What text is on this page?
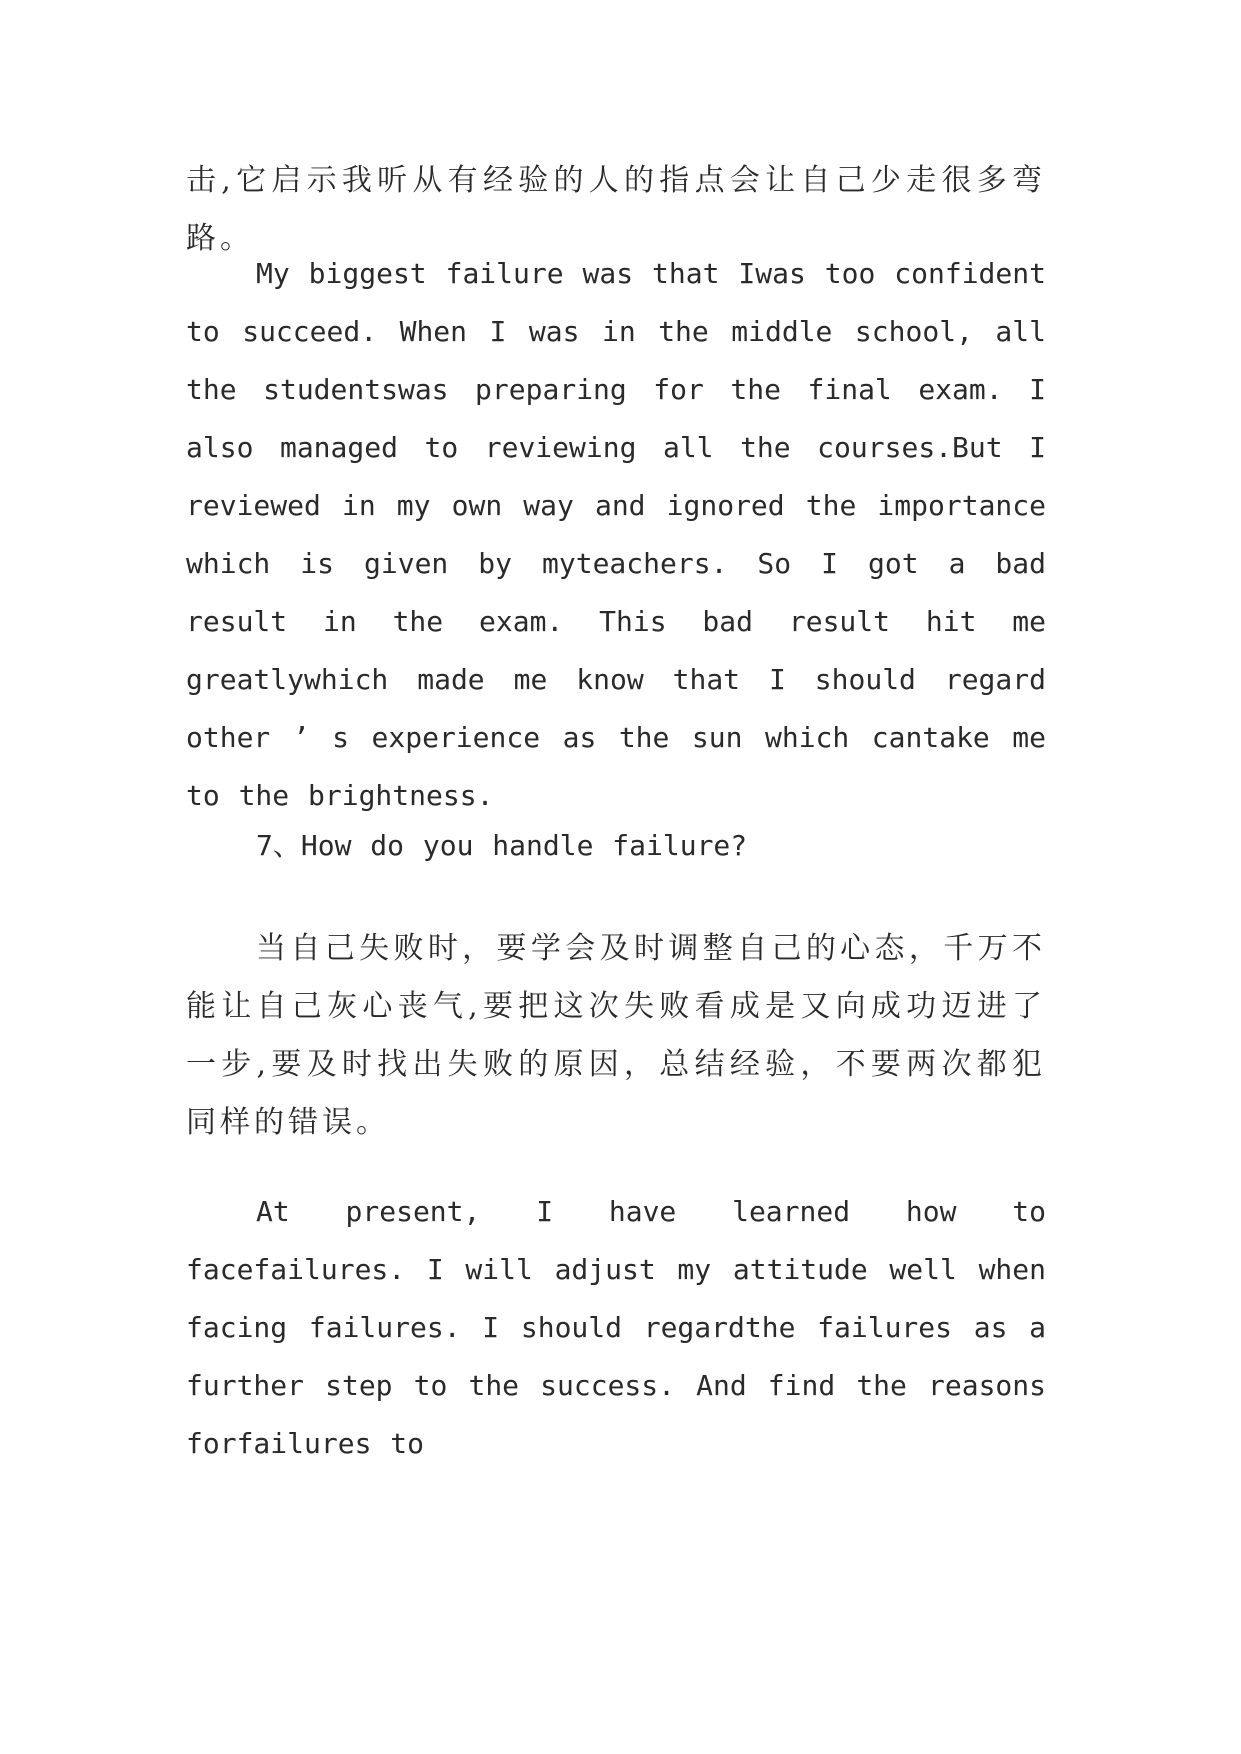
击,它启示我听从有经验的人的指点会让自己少走很多弯路。

My biggest failure was that Iwas too confident to succeed. When I was in the middle school, all the studentswas preparing for the final exam. I also managed to reviewing all the courses.But I reviewed in my own way and ignored the importance which is given by myteachers. So I got a bad result in the exam. This bad result hit me greatlywhich made me know that I should regard other ’ s experience as the sun which cantake me to the brightness.

7、How do you handle failure?

当自己失败时，要学会及时调整自己的心态，千万不能让自己灰心丧气,要把这次失败看成是又向成功迈进了一步,要及时找出失败的原因，总结经验，不要两次都犯同样的错误。

At present, I have learned how to facefailures. I will adjust my attitude well when facing failures. I should regardthe failures as a further step to the success. And find the reasons forfailures to
